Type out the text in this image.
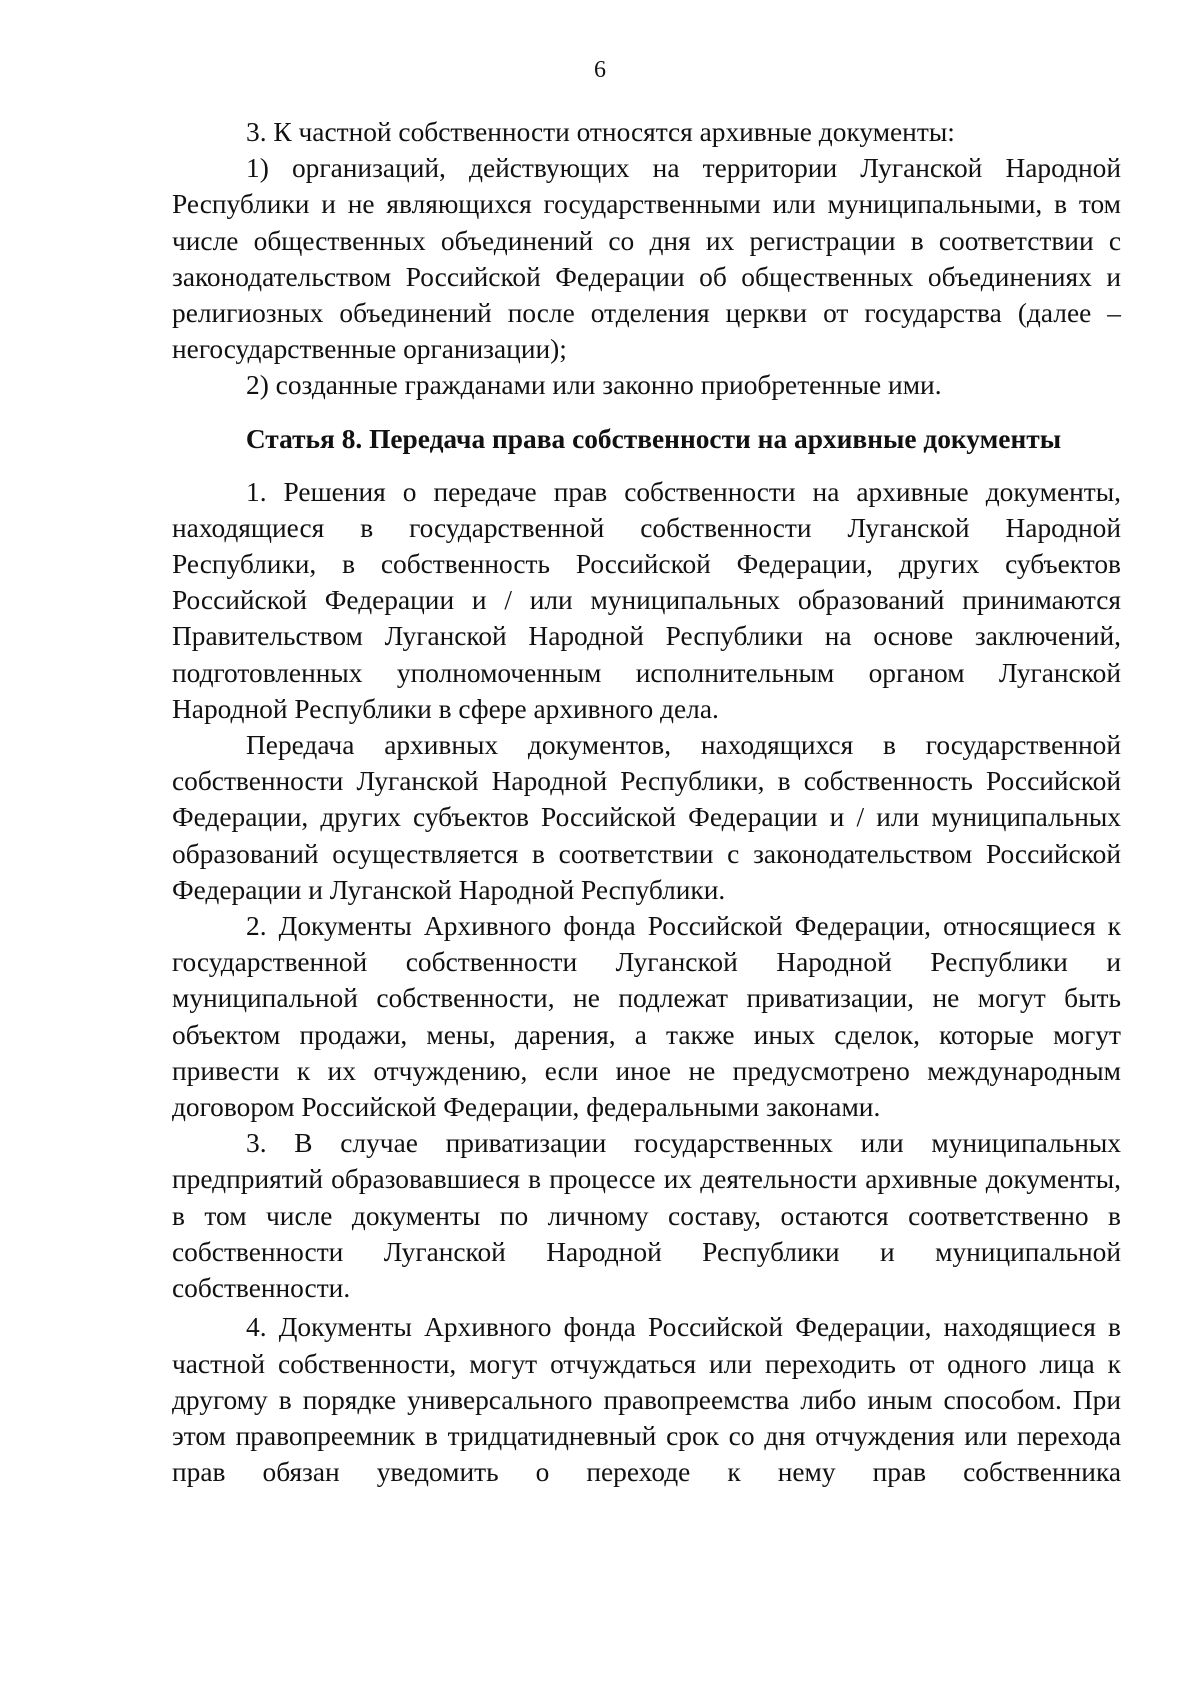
6

3. К частной собственности относятся архивные документы:

1) организаций, действующих на территории Луганской Народной Республики и не являющихся государственными или муниципальными, в том числе общественных объединений со дня их регистрации в соответствии с законодательством Российской Федерации об общественных объединениях и религиозных объединений после отделения церкви от государства (далее – негосударственные организации);

2) созданные гражданами или законно приобретенные ими.

Статья 8. Передача права собственности на архивные документы

1. Решения о передаче прав собственности на архивные документы, находящиеся в государственной собственности Луганской Народной Республики, в собственность Российской Федерации, других субъектов Российской Федерации и / или муниципальных образований принимаются Правительством Луганской Народной Республики на основе заключений, подготовленных уполномоченным исполнительным органом Луганской Народной Республики в сфере архивного дела.

Передача архивных документов, находящихся в государственной собственности Луганской Народной Республики, в собственность Российской Федерации, других субъектов Российской Федерации и / или муниципальных образований осуществляется в соответствии с законодательством Российской Федерации и Луганской Народной Республики.

2. Документы Архивного фонда Российской Федерации, относящиеся к государственной собственности Луганской Народной Республики и муниципальной собственности, не подлежат приватизации, не могут быть объектом продажи, мены, дарения, а также иных сделок, которые могут привести к их отчуждению, если иное не предусмотрено международным договором Российской Федерации, федеральными законами.

3. В случае приватизации государственных или муниципальных предприятий образовавшиеся в процессе их деятельности архивные документы, в том числе документы по личному составу, остаются соответственно в собственности Луганской Народной Республики и муниципальной собственности.

4. Документы Архивного фонда Российской Федерации, находящиеся в частной собственности, могут отчуждаться или переходить от одного лица к другому в порядке универсального правопреемства либо иным способом. При этом правопреемник в тридцатидневный срок со дня отчуждения или перехода прав обязан уведомить о переходе к нему прав собственника
